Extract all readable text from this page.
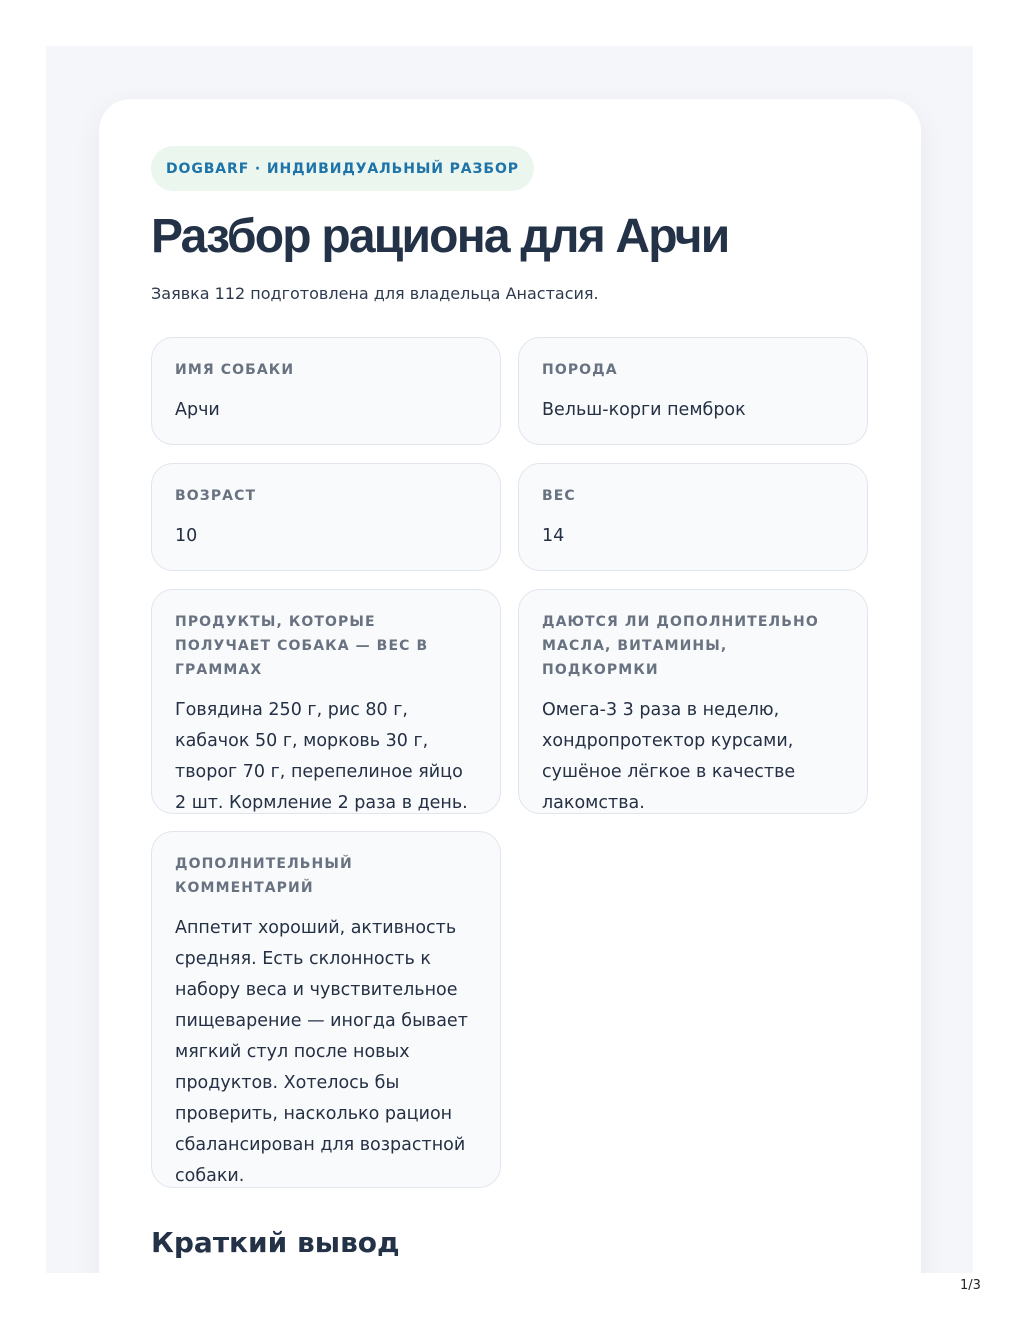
DOGBARF · ИНДИВИДУАЛЬНЫЙ РАЗБОР
Разбор рациона для Арчи

Заявка 112 подготовлена для владельца Анастасия.

ИМЯ СОБАКИ
Арчи
ПОРОДА
Вельш-корги пемброк
ВОЗРАСТ
10
ВЕС
14
ПРОДУКТЫ, КОТОРЫЕ ПОЛУЧАЕТ СОБАКА — ВЕС В ГРАММАХ
Говядина 250 г, рис 80 г, кабачок 50 г, морковь 30 г, творог 70 г, перепелиное яйцо 2 шт. Кормление 2 раза в день.
ДАЮТСЯ ЛИ ДОПОЛНИТЕЛЬНО МАСЛА, ВИТАМИНЫ, ПОДКОРМКИ
Омега-3 3 раза в неделю, хондропротектор курсами, сушёное лёгкое в качестве лакомства.
ДОПОЛНИТЕЛЬНЫЙ КОММЕНТАРИЙ
Аппетит хороший, активность средняя. Есть склонность к набору веса и чувствительное пищеварение — иногда бывает мягкий стул после новых продуктов. Хотелось бы проверить, насколько рацион сбалансирован для возрастной собаки.
Краткий вывод
1/3
